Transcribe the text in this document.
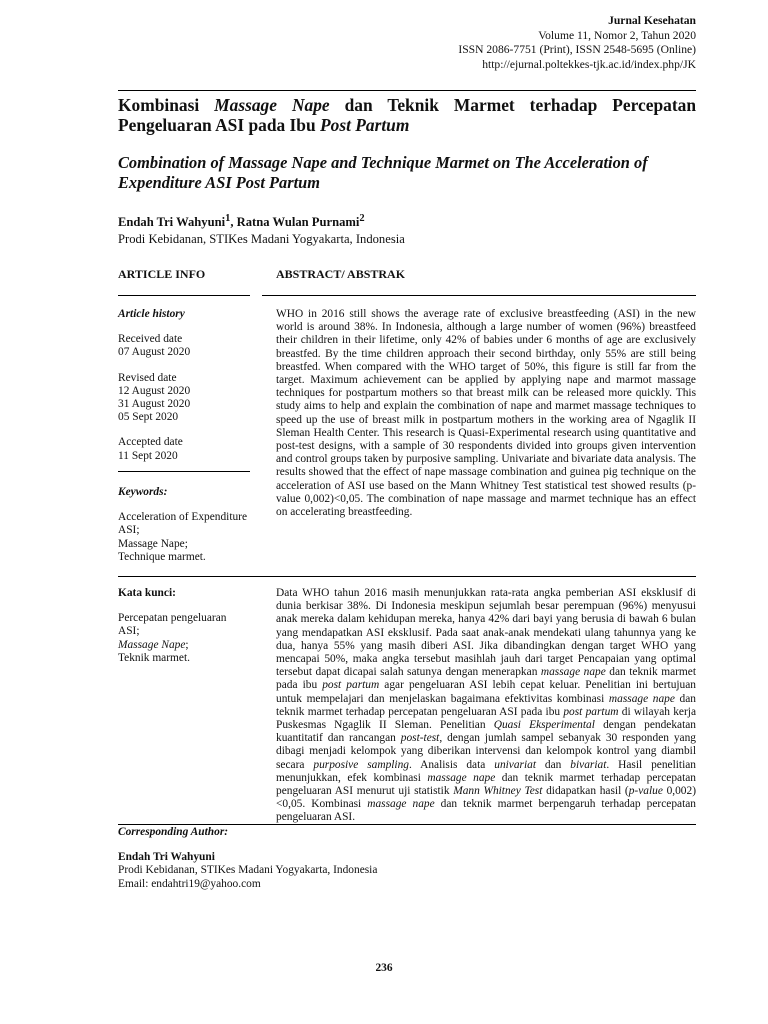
Jurnal Kesehatan
Volume 11, Nomor 2, Tahun 2020
ISSN 2086-7751 (Print), ISSN 2548-5695 (Online)
http://ejurnal.poltekkes-tjk.ac.id/index.php/JK
Kombinasi Massage Nape dan Teknik Marmet terhadap Percepatan Pengeluaran ASI pada Ibu Post Partum
Combination of Massage Nape and Technique Marmet on The Acceleration of Expenditure ASI Post Partum
Endah Tri Wahyuni$^1$, Ratna Wulan Purnami$^2$
Prodi Kebidanan, STIKes Madani Yogyakarta, Indonesia
ARTICLE INFO	ABSTRACT/ ABSTRAK
Article history
Received date
07 August 2020
Revised date
12 August 2020
31 August 2020
05 Sept 2020
Accepted date
11 Sept 2020
Keywords:
Acceleration of Expenditure ASI;
Massage Nape;
Technique marmet.
WHO in 2016 still shows the average rate of exclusive breastfeeding (ASI) in the new world is around 38%. In Indonesia, although a large number of women (96%) breastfeed their children in their lifetime, only 42% of babies under 6 months of age are exclusively breastfed. By the time children approach their second birthday, only 55% are still being breastfed. When compared with the WHO target of 50%, this figure is still far from the target. Maximum achievement can be applied by applying nape and marmot massage techniques for postpartum mothers so that breast milk can be released more quickly. This study aims to help and explain the combination of nape and marmet massage techniques to speed up the use of breast milk in postpartum mothers in the working area of Ngaglik II Sleman Health Center. This research is Quasi-Experimental research using quantitative and post-test designs, with a sample of 30 respondents divided into groups given intervention and control groups taken by purposive sampling. Univariate and bivariate data analysis. The results showed that the effect of nape massage combination and guinea pig technique on the acceleration of ASI use based on the Mann Whitney Test statistical test showed results (p-value 0,002)<0,05. The combination of nape massage and marmet technique has an effect on accelerating breastfeeding.
Kata kunci:
Percepatan pengeluaran ASI;
Massage Nape;
Teknik marmet.
Data WHO tahun 2016 masih menunjukkan rata-rata angka pemberian ASI eksklusif di dunia berkisar 38%. Di Indonesia meskipun sejumlah besar perempuan (96%) menyusui anak mereka dalam kehidupan mereka, hanya 42% dari bayi yang berusia di bawah 6 bulan yang mendapatkan ASI eksklusif. Pada saat anak-anak mendekati ulang tahunnya yang ke dua, hanya 55% yang masih diberi ASI. Jika dibandingkan dengan target WHO yang mencapai 50%, maka angka tersebut masihlah jauh dari target Pencapaian yang optimal tersebut dapat dicapai salah satunya dengan menerapkan massage nape dan teknik marmet pada ibu post partum agar pengeluaran ASI lebih cepat keluar. Penelitian ini bertujuan untuk mempelajari dan menjelaskan bagaimana efektivitas kombinasi massage nape dan teknik marmet terhadap percepatan pengeluaran ASI pada ibu post partum di wilayah kerja Puskesmas Ngaglik II Sleman. Penelitian Quasi Eksperimental dengan pendekatan kuantitatif dan rancangan post-test, dengan jumlah sampel sebanyak 30 responden yang dibagi menjadi kelompok yang diberikan intervensi dan kelompok kontrol yang diambil secara purposive sampling. Analisis data univariat dan bivariat. Hasil penelitian menunjukkan, efek kombinasi massage nape dan teknik marmet terhadap percepatan pengeluaran ASI menurut uji statistik Mann Whitney Test didapatkan hasil (p-value 0,002)<0,05. Kombinasi massage nape dan teknik marmet berpengaruh terhadap percepatan pengeluaran ASI.
Corresponding Author:
Endah Tri Wahyuni
Prodi Kebidanan, STIKes Madani Yogyakarta, Indonesia
Email: endahtri19@yahoo.com
236
